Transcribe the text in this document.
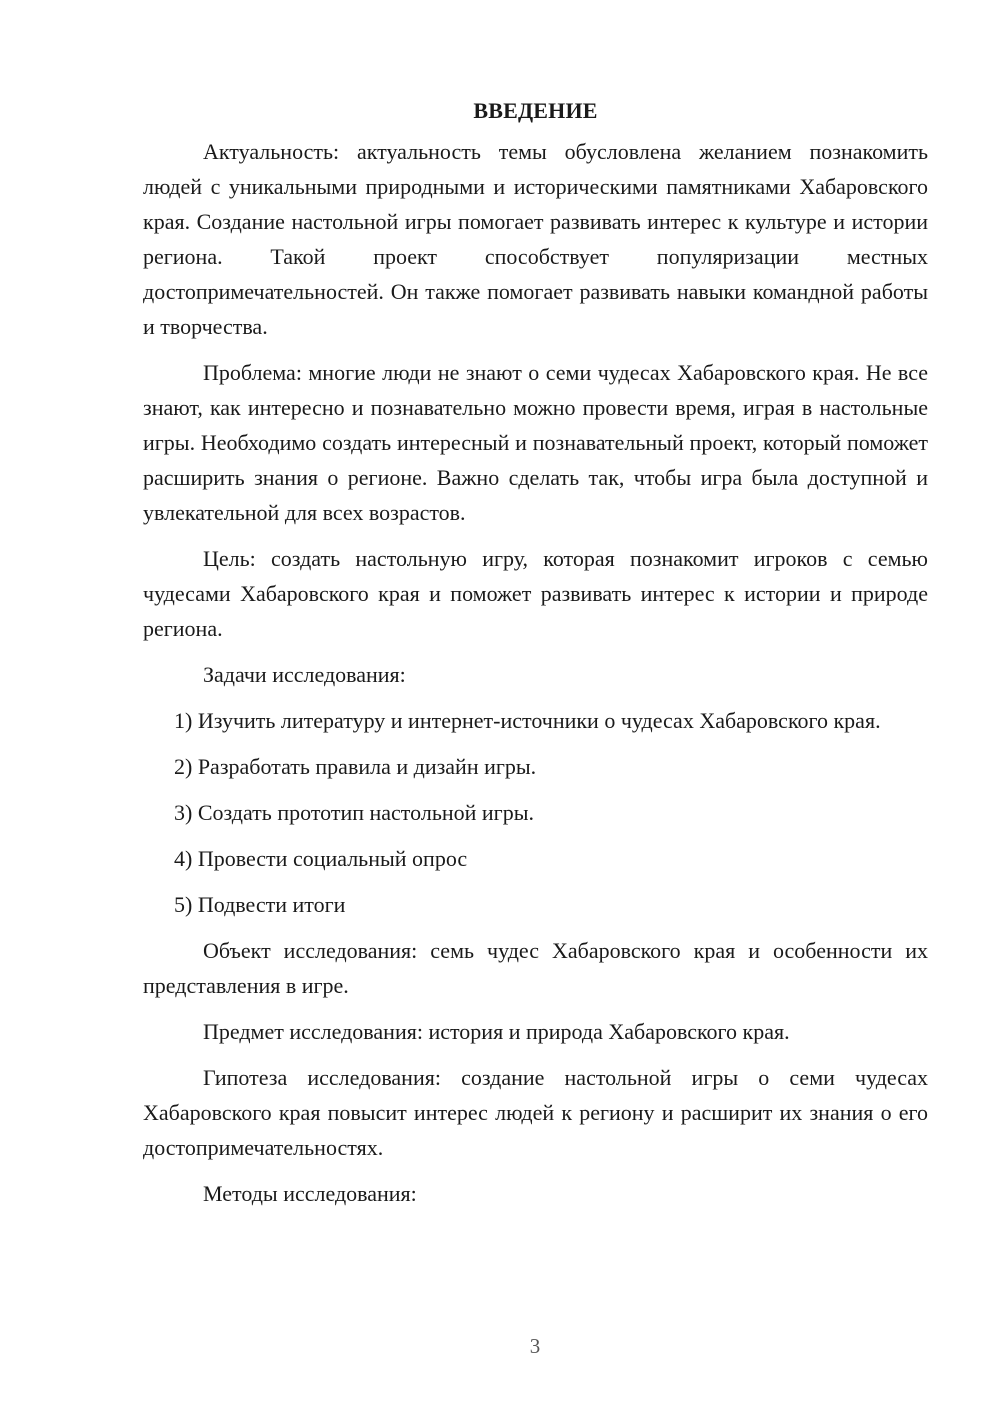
ВВЕДЕНИЕ

Актуальность: актуальность темы обусловлена желанием познакомить людей с уникальными природными и историческими памятниками Хабаровского края. Создание настольной игры помогает развивать интерес к культуре и истории региона. Такой проект способствует популяризации местных достопримечательностей. Он также помогает развивать навыки командной работы и творчества.

Проблема: многие люди не знают о семи чудесах Хабаровского края. Не все знают, как интересно и познавательно можно провести время, играя в настольные игры. Необходимо создать интересный и познавательный проект, который поможет расширить знания о регионе. Важно сделать так, чтобы игра была доступной и увлекательной для всех возрастов.

Цель: создать настольную игру, которая познакомит игроков с семью чудесами Хабаровского края и поможет развивать интерес к истории и природе региона.

Задачи исследования:

1) Изучить литературу и интернет-источники о чудесах Хабаровского края.

2) Разработать правила и дизайн игры.

3) Создать прототип настольной игры.

4) Провести социальный опрос

5) Подвести итоги

Объект исследования: семь чудес Хабаровского края и особенности их представления в игре.

Предмет исследования: история и природа Хабаровского края.

Гипотеза исследования: создание настольной игры о семи чудесах Хабаровского края повысит интерес людей к региону и расширит их знания о его достопримечательностях.

Методы исследования:

3
